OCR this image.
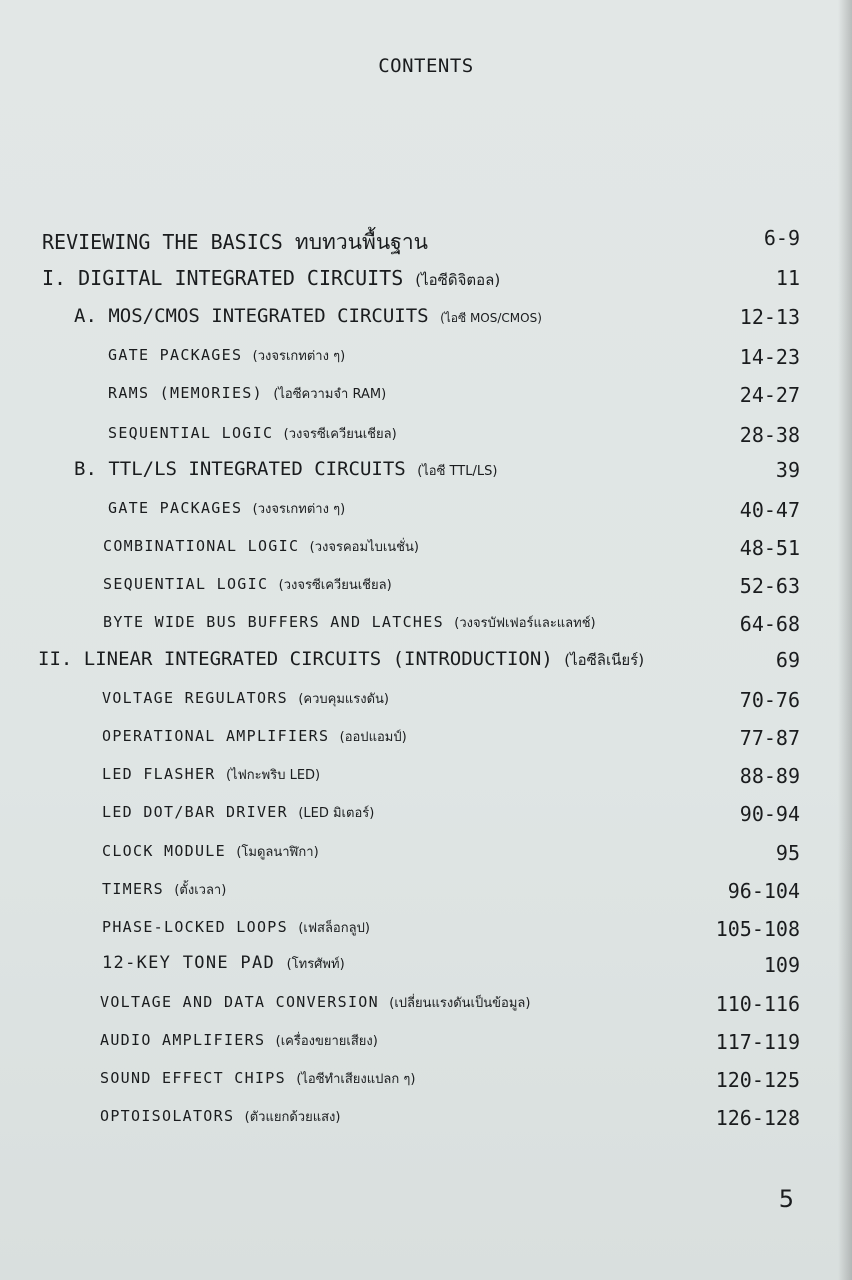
CONTENTS
REVIEWING THE BASICS ทบทวนพื้นฐาน	6-9
I. DIGITAL INTEGRATED CIRCUITS (ไอซีดิจิตอล)	11
A. MOS/CMOS INTEGRATED CIRCUITS (ไอซี MOS/CMOS)	12-13
GATE PACKAGES (วงจรเกทต่าง ๆ)	14-23
RAMS (MEMORIES) (ไอซีความจำ RAM)	24-27
SEQUENTIAL LOGIC (วงจรซีเควียนเชียล)	28-38
B. TTL/LS INTEGRATED CIRCUITS (ไอซี TTL/LS)	39
GATE PACKAGES (วงจรเกทต่าง ๆ)	40-47
COMBINATIONAL LOGIC (วงจรคอมไบเนชั่น)	48-51
SEQUENTIAL LOGIC (วงจรซีเควียนเชียล)	52-63
BYTE WIDE BUS BUFFERS AND LATCHES (วงจรบัฟเฟอร์และแลทช์)	64-68
II. LINEAR INTEGRATED CIRCUITS (INTRODUCTION) (ไอซีลิเนียร์)	69
VOLTAGE REGULATORS (ควบคุมแรงดัน)	70-76
OPERATIONAL AMPLIFIERS (ออปแอมป์)	77-87
LED FLASHER (ไฟกะพริบ LED)	88-89
LED DOT/BAR DRIVER (LED มิเตอร์)	90-94
CLOCK MODULE (โมดูลนาฬิกา)	95
TIMERS (ตั้งเวลา)	96-104
PHASE-LOCKED LOOPS (เฟสล็อกลูป)	105-108
12-KEY TONE PAD (โทรศัพท์)	109
VOLTAGE AND DATA CONVERSION (เปลี่ยนแรงดันเป็นข้อมูล)	110-116
AUDIO AMPLIFIERS (เครื่องขยายเสียง)	117-119
SOUND EFFECT CHIPS (ไอซีทำเสียงแปลก ๆ)	120-125
OPTOISOLATORS (ตัวแยกด้วยแสง)	126-128
5
